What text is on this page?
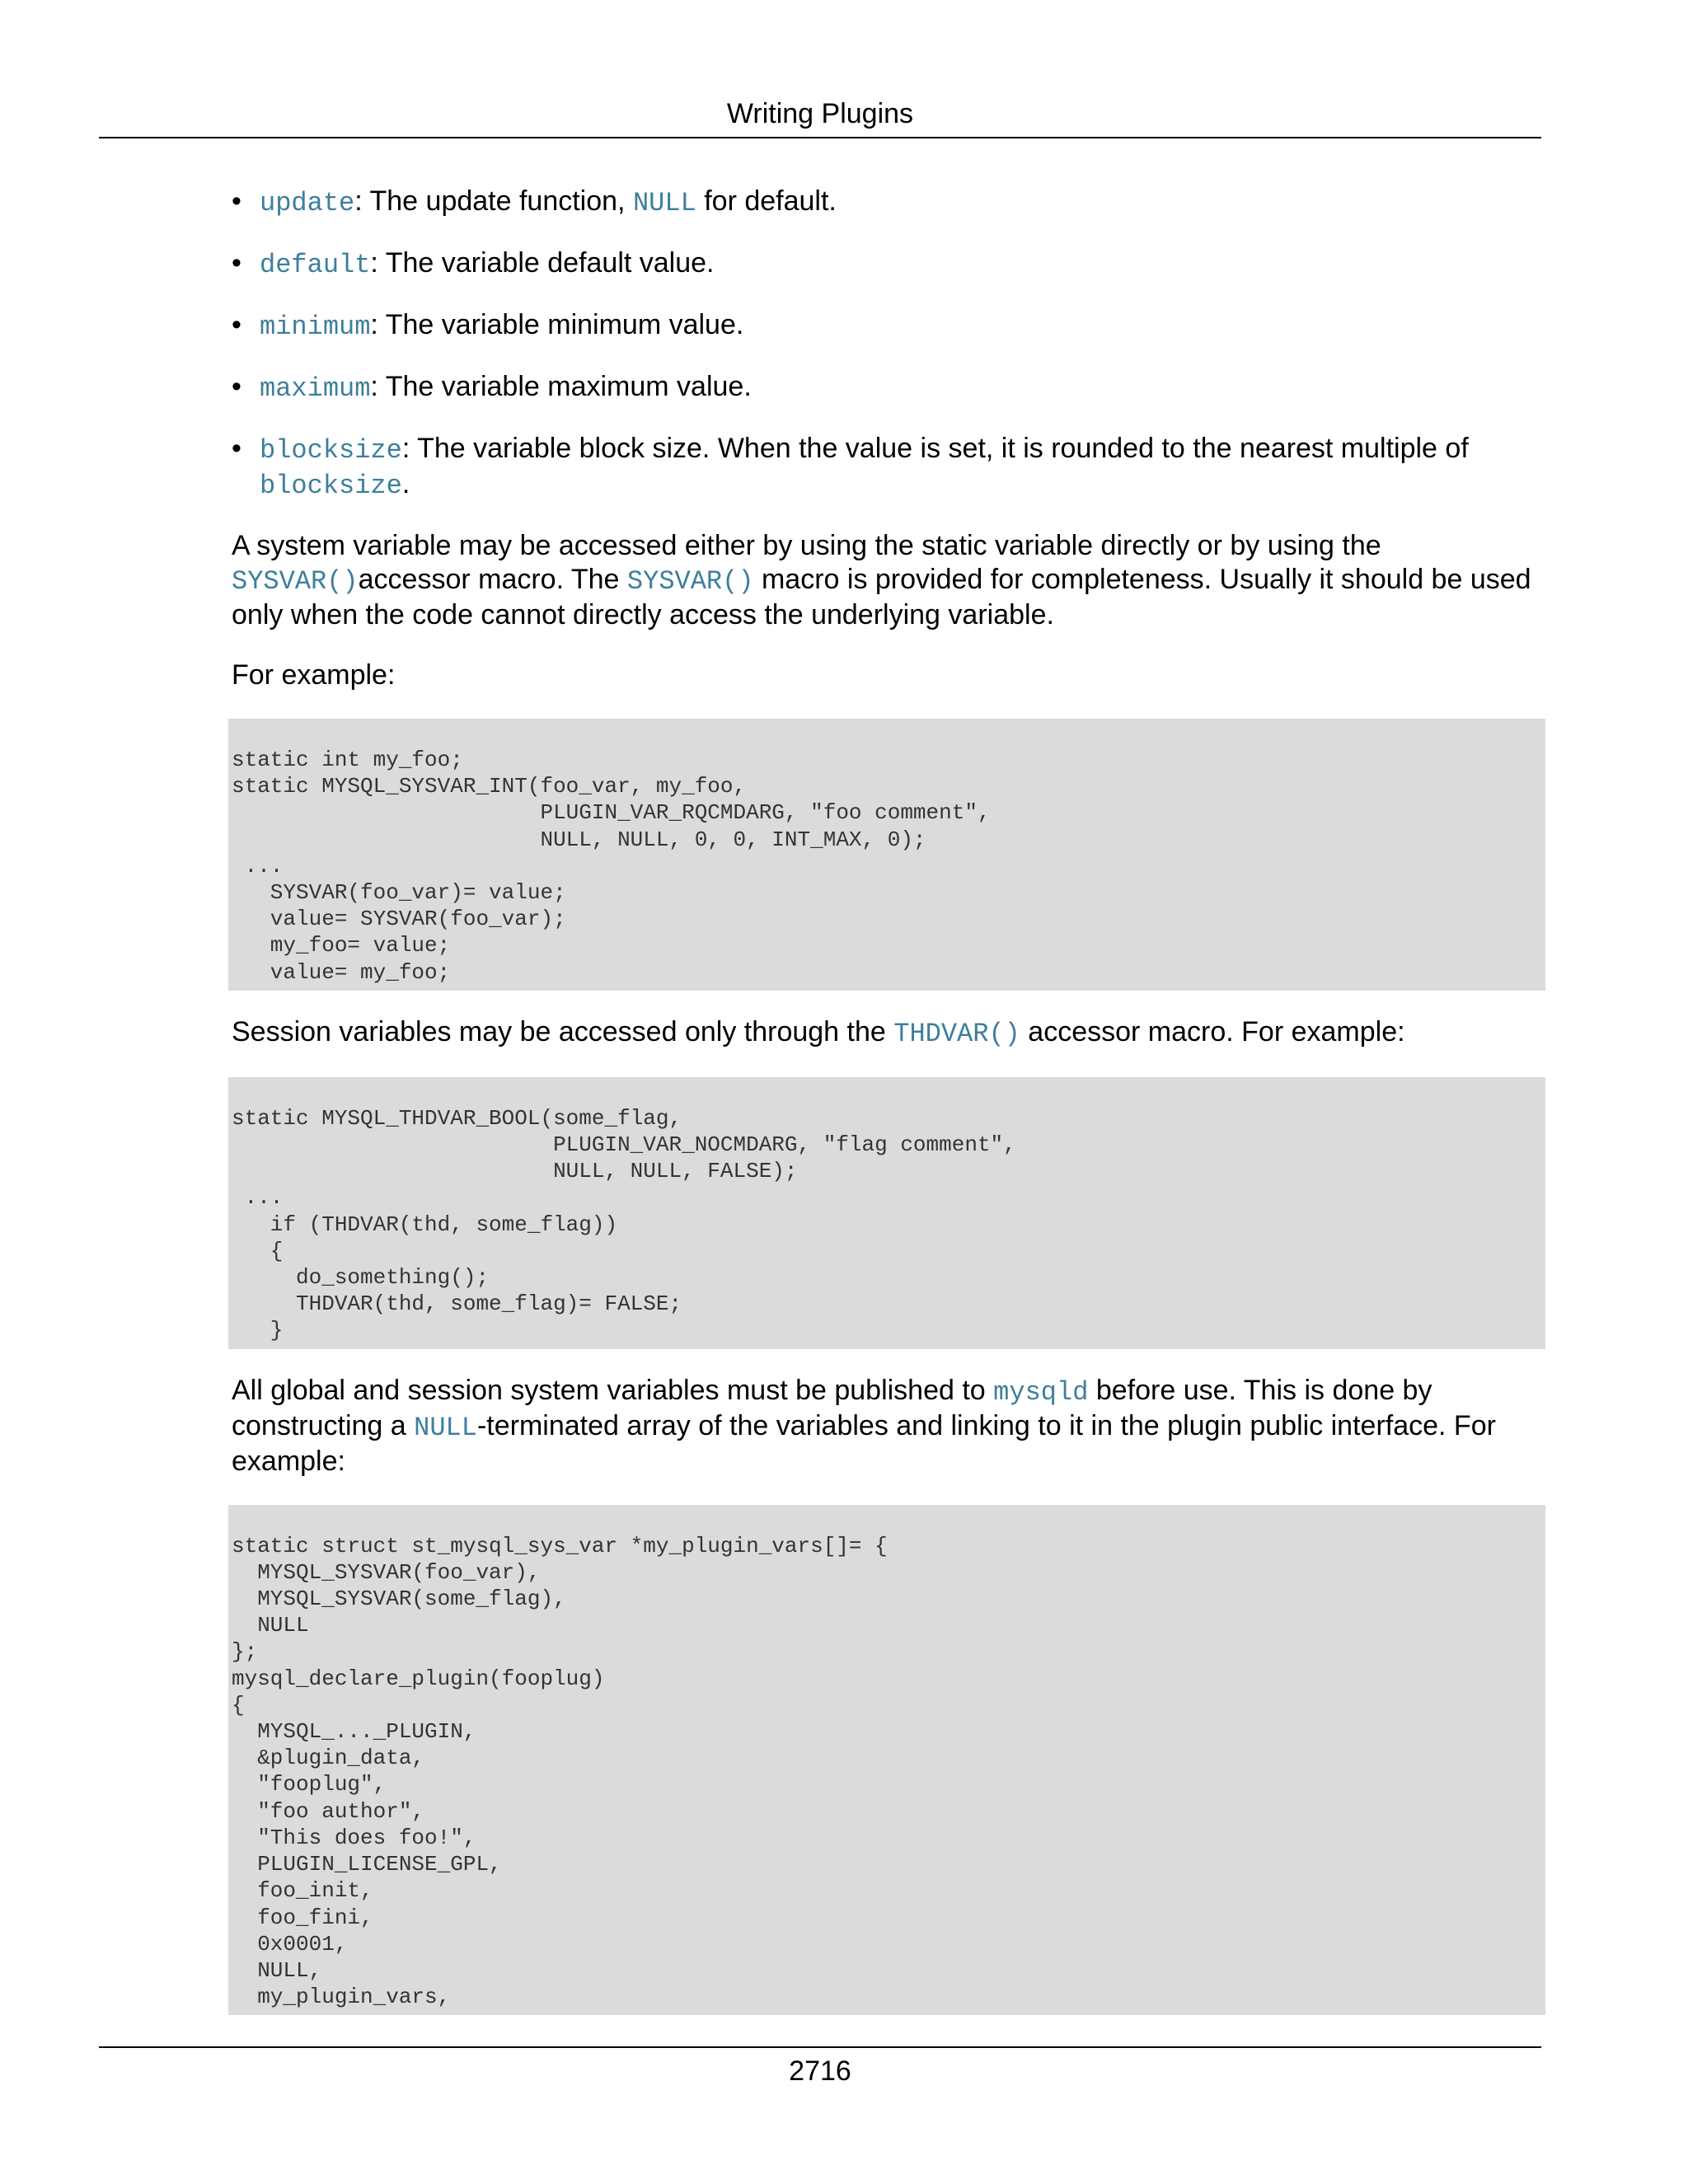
Writing Plugins
• update: The update function, NULL for default.
• default: The variable default value.
• minimum: The variable minimum value.
• maximum: The variable maximum value.
• blocksize: The variable block size. When the value is set, it is rounded to the nearest multiple of
blocksize.

A system variable may be accessed either by using the static variable directly or by using the
SYSVAR()accessor macro. The SYSVAR() macro is provided for completeness. Usually it should be used only when the code cannot directly access the underlying variable.

For example:

static int my_foo;
static MYSQL_SYSVAR_INT(foo_var, my_foo,
PLUGIN_VAR_RQCMDARG, "foo comment",
NULL, NULL, 0, 0, INT_MAX, 0);
...
SYSVAR(foo_var)= value;
value= SYSVAR(foo_var);
my_foo= value;
value= my_foo;

Session variables may be accessed only through the THDVAR() accessor macro. For example:

static MYSQL_THDVAR_BOOL(some_flag,
PLUGIN_VAR_NOCMDARG, "flag comment",
NULL, NULL, FALSE);
...
if (THDVAR(thd, some_flag))
{
do_something();
THDVAR(thd, some_flag)= FALSE;
}

All global and session system variables must be published to mysqld before use. This is done by constructing a NULL-terminated array of the variables and linking to it in the plugin public interface. For example:

static struct st_mysql_sys_var *my_plugin_vars[]= {
MYSQL_SYSVAR(foo_var),
MYSQL_SYSVAR(some_flag),
NULL
};
mysql_declare_plugin(fooplug)
{
MYSQL_..._PLUGIN,
&plugin_data,
"fooplug",
"foo author",
"This does foo!",
PLUGIN_LICENSE_GPL,
foo_init,
foo_fini,
0x0001,
NULL,
my_plugin_vars,
2716
